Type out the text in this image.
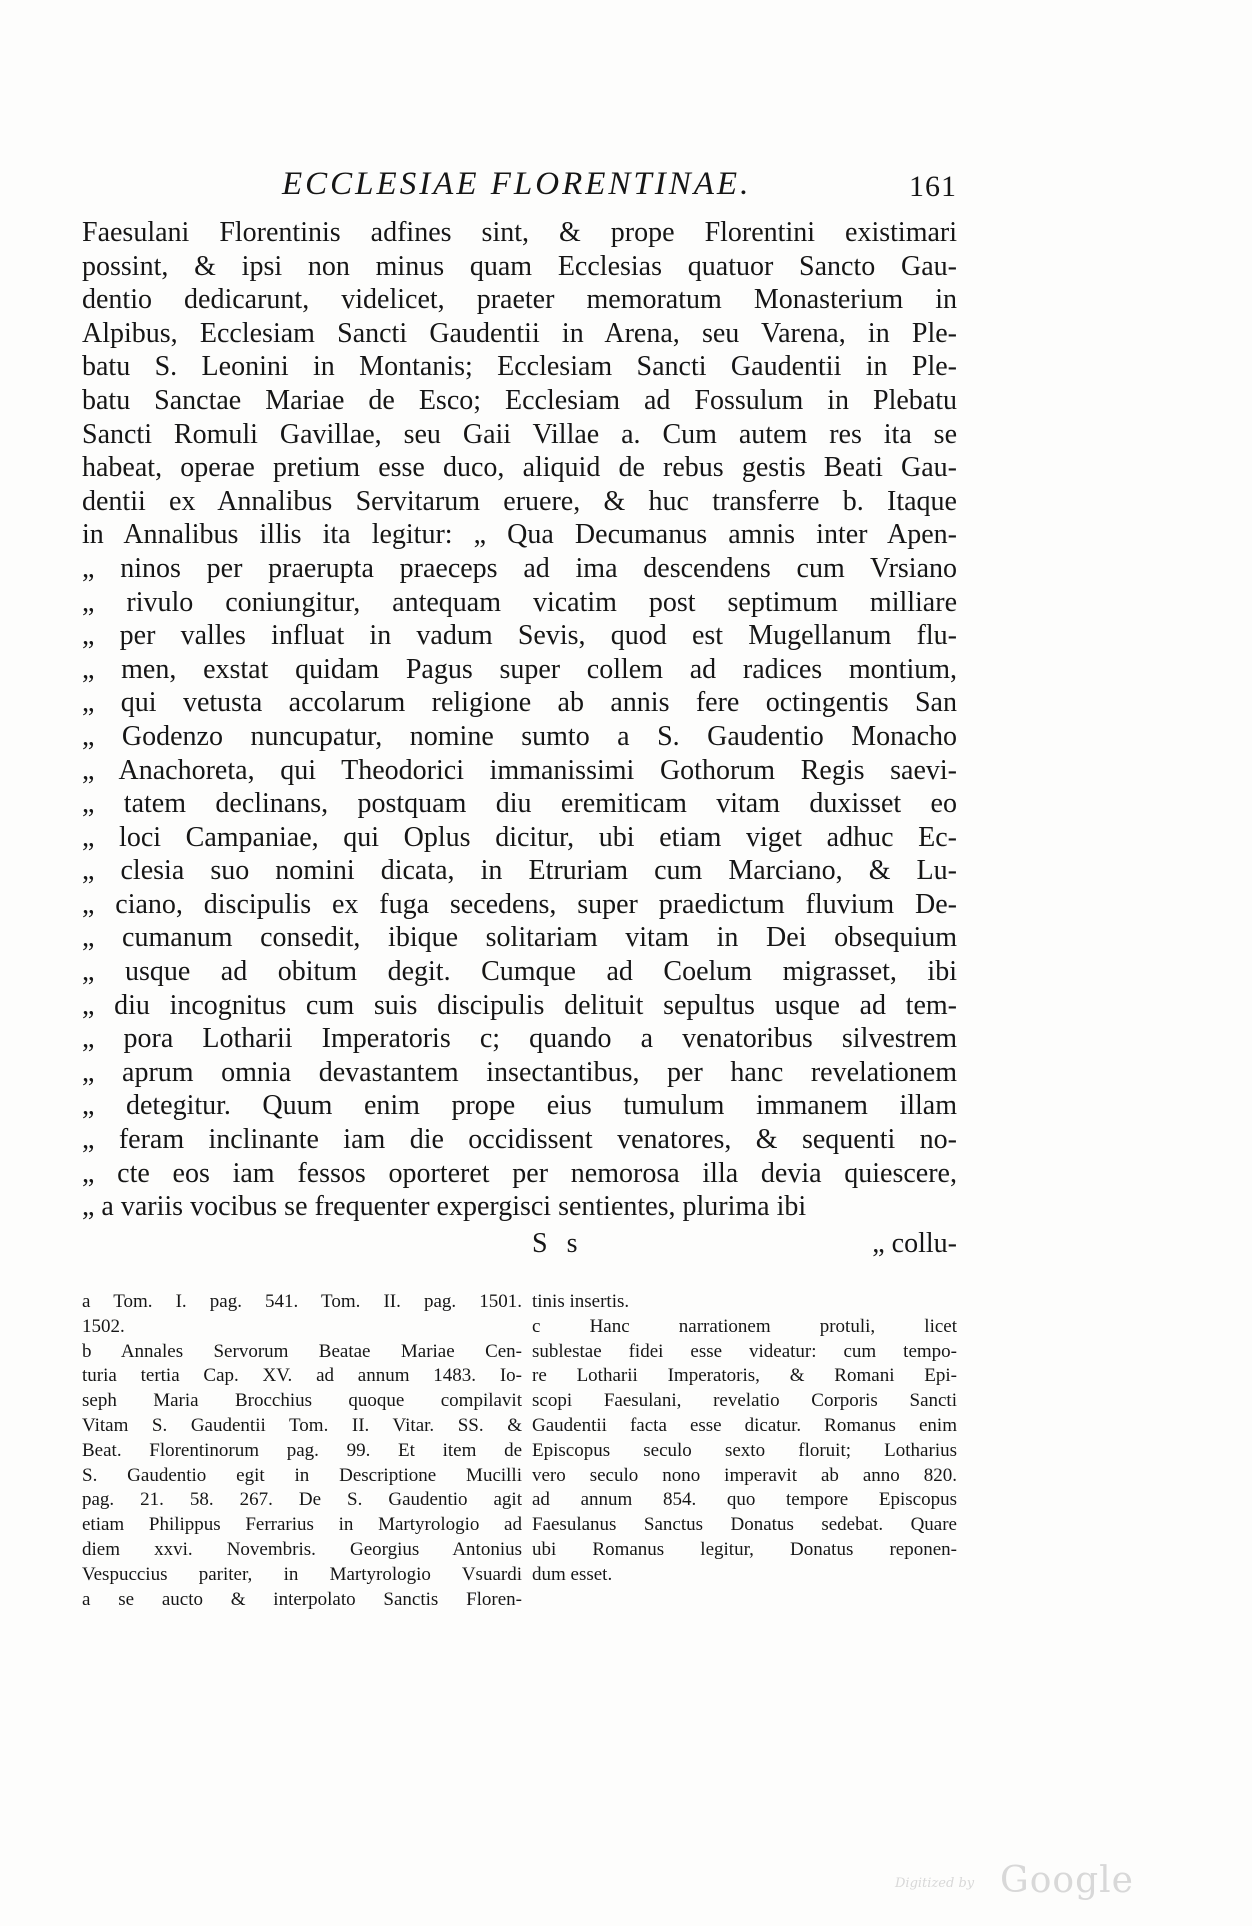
ECCLESIAE FLORENTINAE.	161
Faesulani Florentinis adfines sint, & prope Florentini existimari
possint, & ipsi non minus quam Ecclesias quatuor Sancto Gau-
dentio dedicarunt, videlicet, praeter memoratum Monasterium in
Alpibus, Ecclesiam Sancti Gaudentii in Arena, seu Varena, in Ple-
batu S. Leonini in Montanis; Ecclesiam Sancti Gaudentii in Ple-
batu Sanctae Mariae de Esco; Ecclesiam ad Fossulum in Plebatu
Sancti Romuli Gavillae, seu Gaii Villae a. Cum autem res ita se
habeat, operae pretium esse duco, aliquid de rebus gestis Beati Gau-
dentii ex Annalibus Servitarum eruere, & huc transferre b. Itaque
in Annalibus illis ita legitur: „ Qua Decumanus amnis inter Apen-
„ ninos per praerupta praeceps ad ima descendens cum Vrsiano
„ rivulo coniungitur, antequam vicatim post septimum milliare
„ per valles influat in vadum Sevis, quod est Mugellanum flu-
„ men, exstat quidam Pagus super collem ad radices montium,
„ qui vetusta accolarum religione ab annis fere octingentis San
„ Godenzo nuncupatur, nomine sumto a S. Gaudentio Monacho
„ Anachoreta, qui Theodorici immanissimi Gothorum Regis saevi-
„ tatem declinans, postquam diu eremiticam vitam duxisset eo
„ loci Campaniae, qui Oplus dicitur, ubi etiam viget adhuc Ec-
„ clesia suo nomini dicata, in Etruriam cum Marciano, & Lu-
„ ciano, discipulis ex fuga secedens, super praedictum fluvium De-
„ cumanum consedit, ibique solitariam vitam in Dei obsequium
„ usque ad obitum degit. Cumque ad Coelum migrasset, ibi
„ diu incognitus cum suis discipulis delituit sepultus usque ad tem-
„ pora Lotharii Imperatoris c; quando a venatoribus silvestrem
„ aprum omnia devastantem insectantibus, per hanc revelationem
„ detegitur. Quum enim prope eius tumulum immanem illam
„ feram inclinante iam die occidissent venatores, & sequenti no-
„ cte eos iam fessos oporteret per nemorosa illa devia quiescere,
„ a variis vocibus se frequenter expergisci sentientes, plurima ibi
S s	„ collu-
a Tom. I. pag. 541. Tom. II. pag. 1501.
1502.
b Annales Servorum Beatae Mariae Cen-
turia tertia Cap. XV. ad annum 1483. Io-
seph Maria Brocchius quoque compilavit
Vitam S. Gaudentii Tom. II. Vitar. SS. &
Beat. Florentinorum pag. 99. Et item de
S. Gaudentio egit in Descriptione Mucilli
pag. 21. 58. 267. De S. Gaudentio agit
etiam Philippus Ferrarius in Martyrologio ad
diem xxvi. Novembris. Georgius Antonius
Vespuccius pariter, in Martyrologio Vsuardi
a se aucto & interpolato Sanctis Floren-
tinis insertis.
c Hanc narrationem protuli, licet
sublestae fidei esse videatur: cum tempo-
re Lotharii Imperatoris, & Romani Epi-
scopi Faesulani, revelatio Corporis Sancti
Gaudentii facta esse dicatur. Romanus enim
Episcopus seculo sexto floruit; Lotharius
vero seculo nono imperavit ab anno 820.
ad annum 854. quo tempore Episcopus
Faesulanus Sanctus Donatus sedebat. Quare
ubi Romanus legitur, Donatus reponen-
dum esset.
Digitized by Google
